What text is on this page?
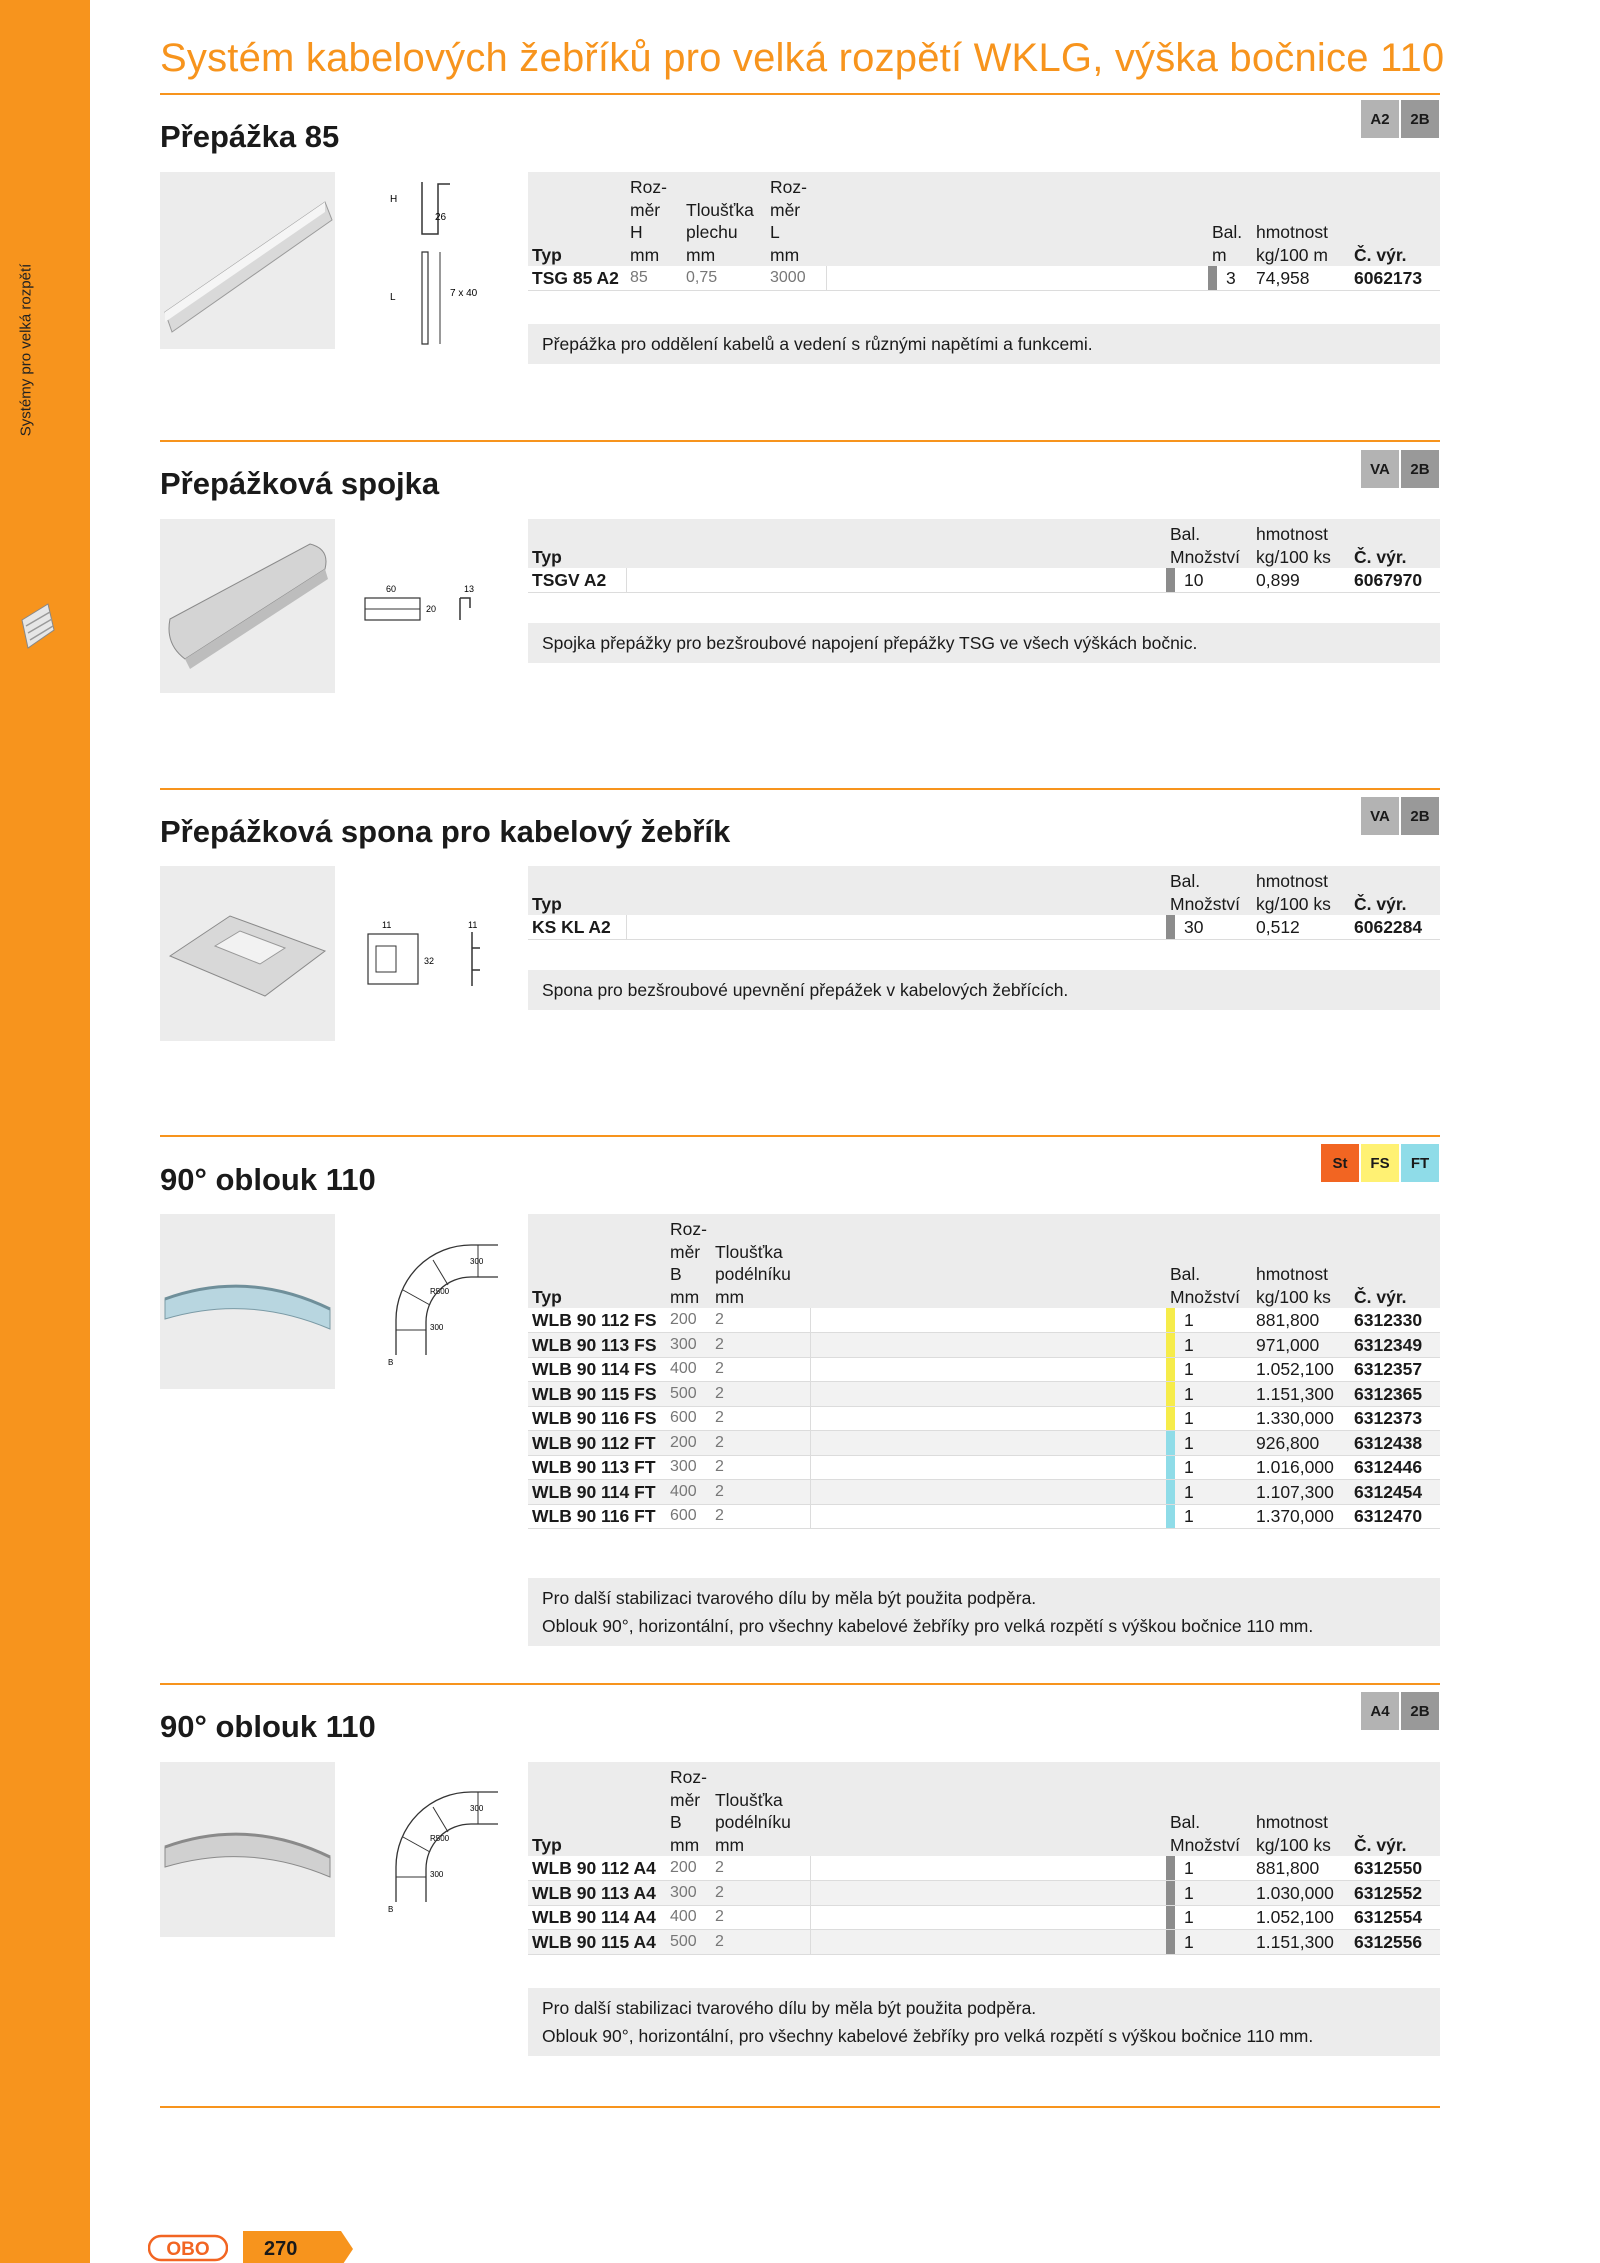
Systémy pro velká rozpětí
Systém kabelových žebříků pro velká rozpětí WKLG, výška bočnice 110
Přepážka 85	A2	2B
H
26
L	7 x 40
Typ	Roz-
měr
H
mm	Tloušťka
plechu
mm	Roz-
měr
L
mm		Bal.
m	hmotnost
kg/100 m	Č. výr.
TSG 85 A2	85	0,75	3000		3	74,958	6062173
Přepážka pro oddělení kabelů a vedení s různými napětími a funkcemi.
Přepážková spojka	VA	2B
60	13
20
Typ		Bal.
Množství	hmotnost
kg/100 ks	Č. výr.
TSGV A2		10	0,899	6067970
Spojka přepážky pro bezšroubové napojení přepážky TSG ve všech výškách bočnic.
Přepážková spona pro kabelový žebřík	VA	2B
11
32
11
Typ		Bal.
Množství	hmotnost
kg/100 ks	Č. výr.
KS KL A2		30	0,512	6062284
Spona pro bezšroubové upevnění přepážek v kabelových žebřících.
90° oblouk 110	St	FS	FT
300
R500
300
B
Typ	Roz-
měr
B
mm	Tloušťka
podélníku
mm		Bal.
Množství	hmotnost
kg/100 ks	Č. výr.
WLB 90 112 FS	200	2		1	881,800	6312330
WLB 90 113 FS	300	2		1	971,000	6312349
WLB 90 114 FS	400	2		1	1.052,100	6312357
WLB 90 115 FS	500	2		1	1.151,300	6312365
WLB 90 116 FS	600	2		1	1.330,000	6312373
WLB 90 112 FT	200	2		1	926,800	6312438
WLB 90 113 FT	300	2		1	1.016,000	6312446
WLB 90 114 FT	400	2		1	1.107,300	6312454
WLB 90 116 FT	600	2		1	1.370,000	6312470
Pro další stabilizaci tvarového dílu by měla být použita podpěra.
Oblouk 90°, horizontální, pro všechny kabelové žebříky pro velká rozpětí s výškou bočnice 110 mm.
90° oblouk 110	A4	2B
300
R500
300
B
Typ	Roz-
měr
B
mm	Tloušťka
podélníku
mm		Bal.
Množství	hmotnost
kg/100 ks	Č. výr.
WLB 90 112 A4	200	2		1	881,800	6312550
WLB 90 113 A4	300	2		1	1.030,000	6312552
WLB 90 114 A4	400	2		1	1.052,100	6312554
WLB 90 115 A4	500	2		1	1.151,300	6312556
Pro další stabilizaci tvarového dílu by měla být použita podpěra.
Oblouk 90°, horizontální, pro všechny kabelové žebříky pro velká rozpětí s výškou bočnice 110 mm.
OBO	270
